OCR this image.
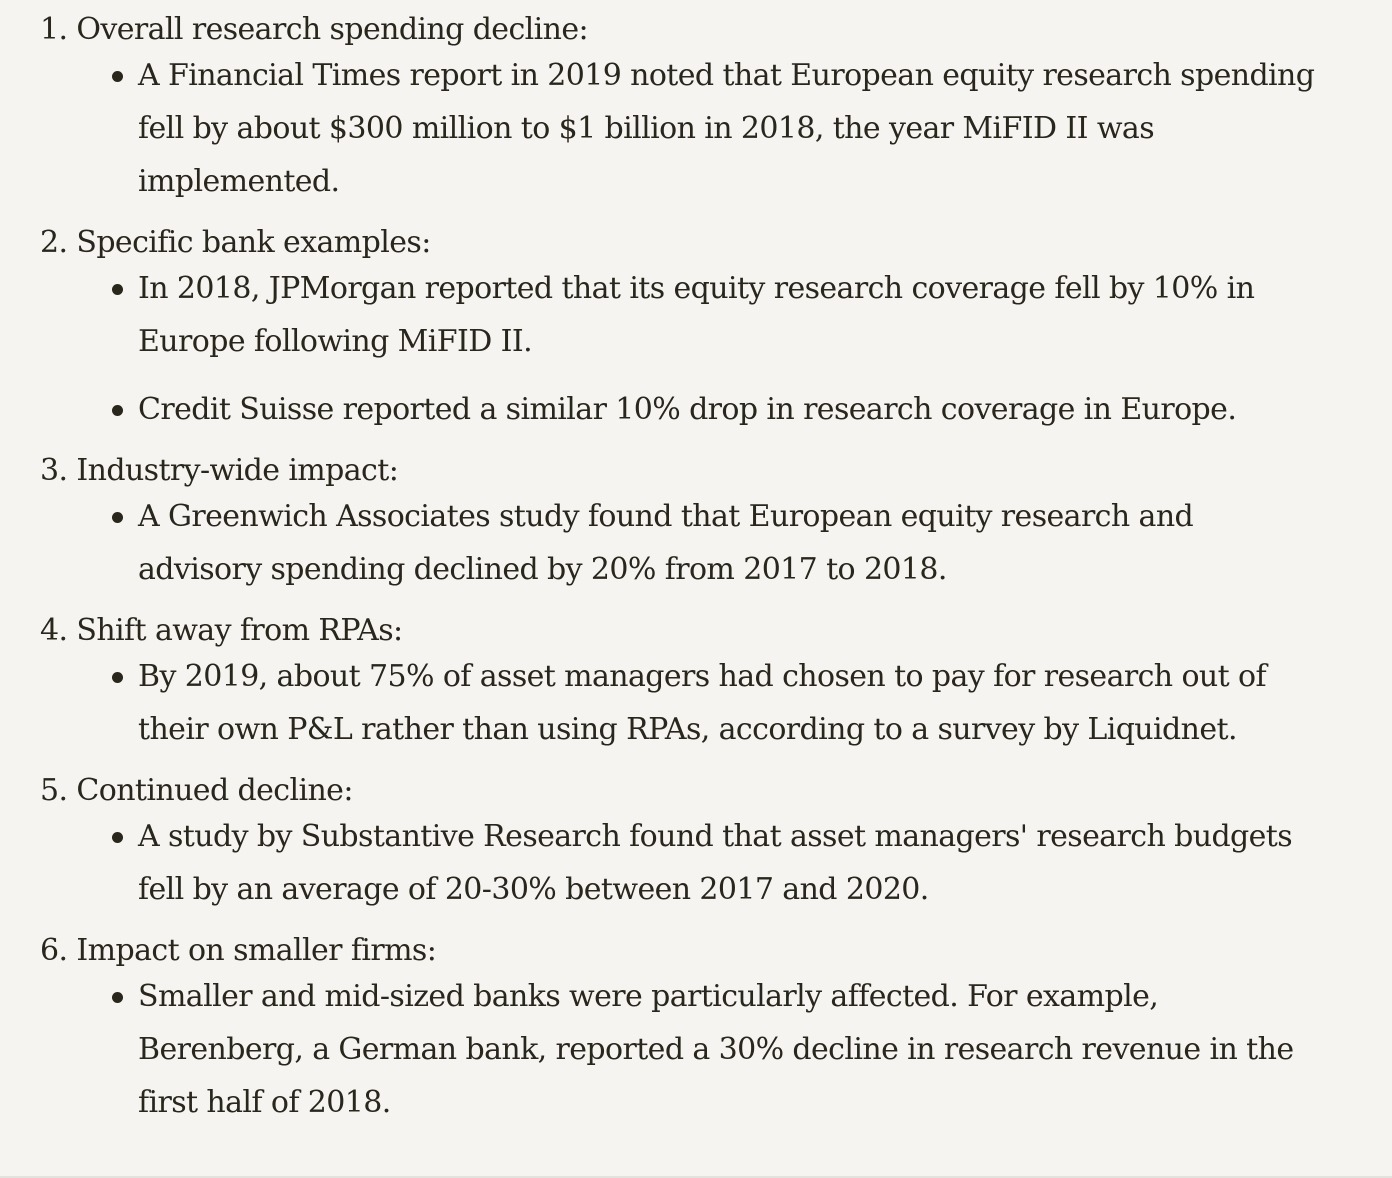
1. Overall research spending decline:
A Financial Times report in 2019 noted that European equity research spending fell by about $300 million to $1 billion in 2018, the year MiFID II was implemented.
2. Specific bank examples:
In 2018, JPMorgan reported that its equity research coverage fell by 10% in Europe following MiFID II.
Credit Suisse reported a similar 10% drop in research coverage in Europe.
3. Industry-wide impact:
A Greenwich Associates study found that European equity research and advisory spending declined by 20% from 2017 to 2018.
4. Shift away from RPAs:
By 2019, about 75% of asset managers had chosen to pay for research out of their own P&L rather than using RPAs, according to a survey by Liquidnet.
5. Continued decline:
A study by Substantive Research found that asset managers' research budgets fell by an average of 20-30% between 2017 and 2020.
6. Impact on smaller firms:
Smaller and mid-sized banks were particularly affected. For example, Berenberg, a German bank, reported a 30% decline in research revenue in the first half of 2018.
